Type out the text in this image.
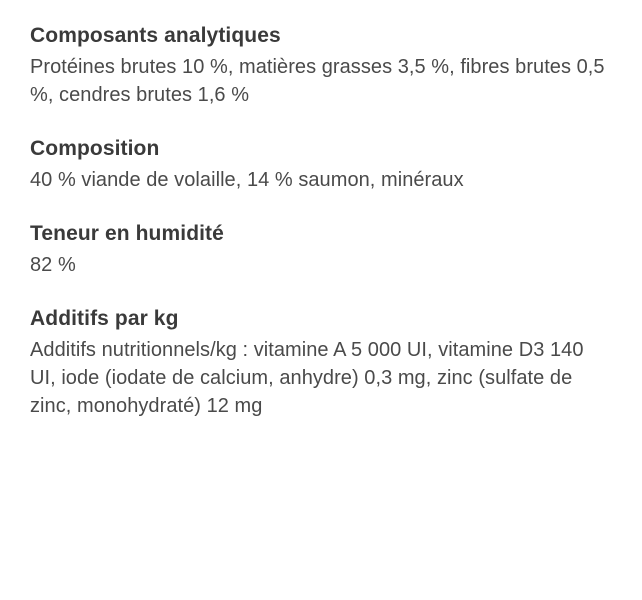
Composants analytiques

Protéines brutes 10 %, matières grasses 3,5 %, fibres brutes 0,5 %, cendres brutes 1,6 %

Composition

40 % viande de volaille, 14 % saumon, minéraux

Teneur en humidité

82 %

Additifs par kg

Additifs nutritionnels/kg : vitamine A 5 000 UI, vitamine D3 140 UI, iode (iodate de calcium, anhydre) 0,3 mg, zinc (sulfate de zinc, monohydraté) 12 mg
